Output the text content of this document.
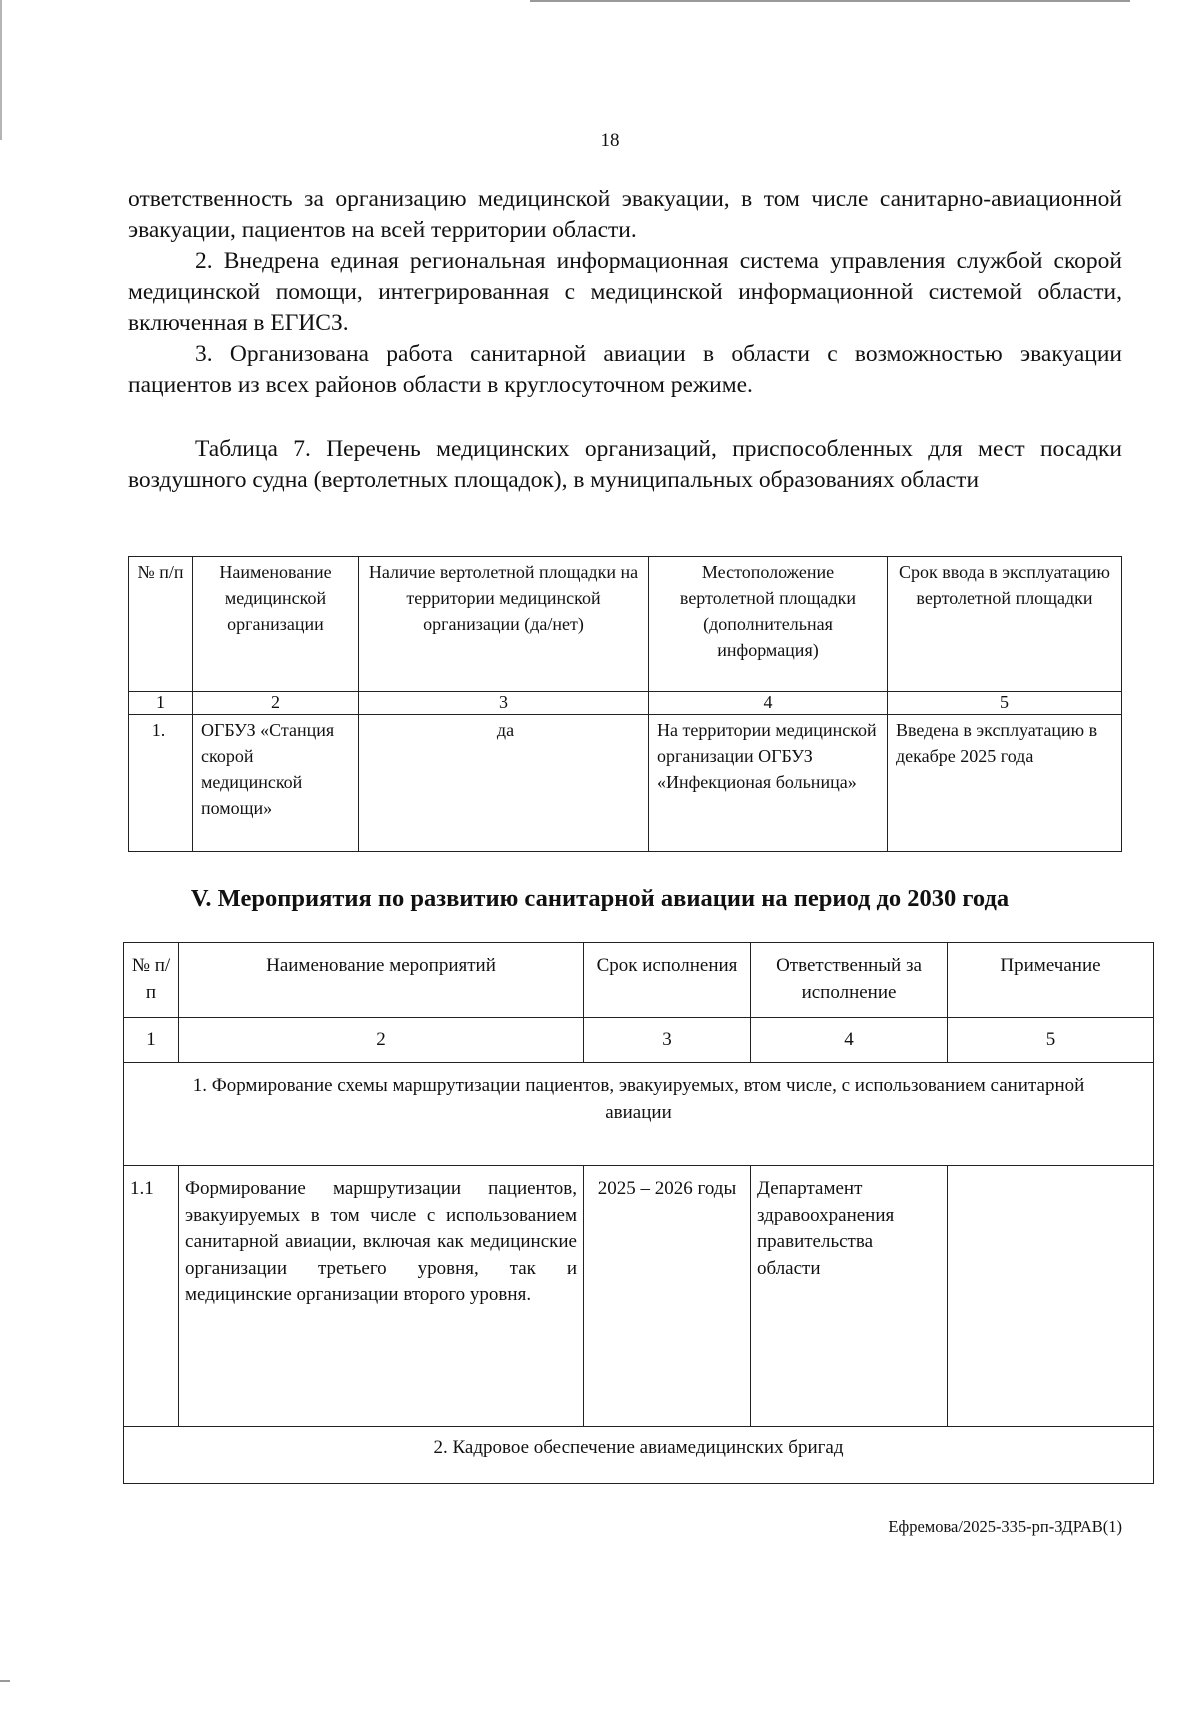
18

ответственность за организацию медицинской эвакуации, в том числе санитарно-авиационной эвакуации, пациентов на всей территории области.

2. Внедрена единая региональная информационная система управления службой скорой медицинской помощи, интегрированная с медицинской информационной системой области, включенная в ЕГИСЗ.

3. Организована работа санитарной авиации в области с возможностью эвакуации пациентов из всех районов области в круглосуточном режиме.

Таблица 7. Перечень медицинских организаций, приспособленных для мест посадки воздушного судна (вертолетных площадок), в муниципальных образованиях области

№ п/п	Наименование медицинской организации	Наличие вертолетной площадки на территории медицинской организации (да/нет)	Местоположение вертолетной площадки (дополнительная информация)	Срок ввода в эксплуатацию вертолетной площадки
1	2	3	4	5
1.	ОГБУЗ «Станция скорой медицинской помощи»	да	На территории медицинской организации ОГБУЗ «Инфекционая больница»	Введена в эксплуатацию в декабре 2025 года
V. Мероприятия по развитию санитарной авиации на период до 2030 года
№ п/п	Наименование мероприятий	Срок исполнения	Ответственный за исполнение	Примечание
1	2	3	4	5
1. Формирование схемы маршрутизации пациентов, эвакуируемых, втом числе, с использованием санитарной авиации				
1.1	Формирование маршрутизации пациентов, эвакуируемых в том числе с использованием санитарной авиации, включая как медицинские организации третьего уровня, так и медицинские организации второго уровня.	2025 – 2026 годы	Департамент здравоохранения правительства области	
2. Кадровое обеспечение авиамедицинских бригад				
Ефремова/2025-335-рп-ЗДРАВ(1)
